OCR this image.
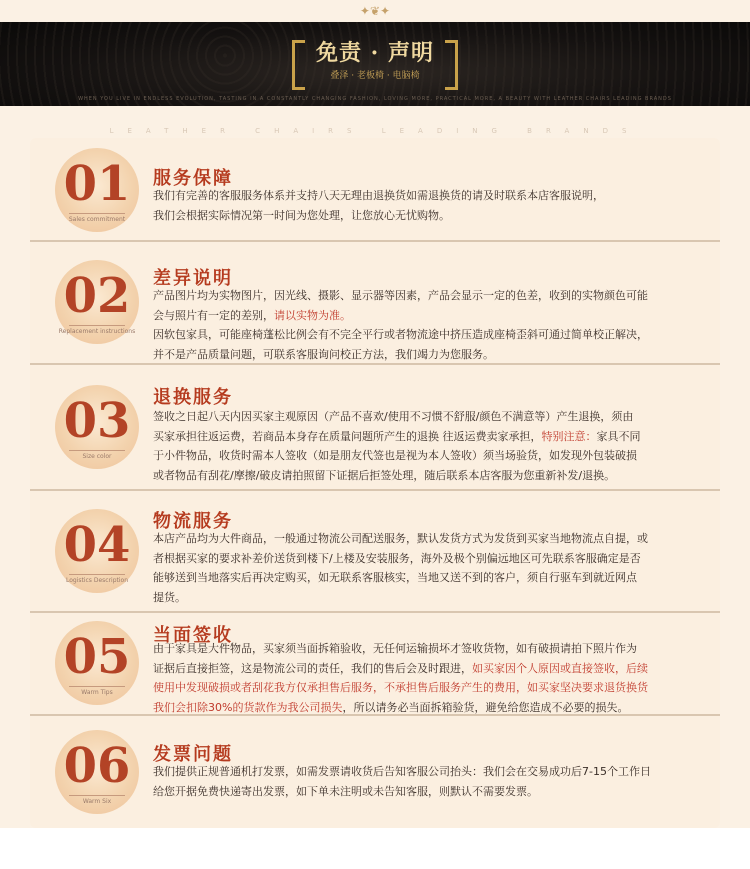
✦❦✦
免责 · 声明
叠泽 · 老板椅 · 电脑椅
WHEN YOU LIVE IN ENDLESS EVOLUTION, TASTING IN A CONSTANTLY CHANGING FASHION, LOVING MORE, PRACTICAL MORE, A BEAUTY WITH LEATHER CHAIRS LEADING BRANDS
LEATHER CHAIRS LEADING BRANDS
01
Sales commitment
服务保障

我们有完善的客服服务体系并支持八天无理由退换货如需退换货的请及时联系本店客服说明，

我们会根据实际情况第一时间为您处理，让您放心无忧购物。

02
Replacement instructions
差异说明

产品图片均为实物图片，因光线、摄影、显示器等因素，产品会显示一定的色差，收到的实物颜色可能

会与照片有一定的差别，请以实物为准。

因软包家具，可能座椅蓬松比例会有不完全平行或者物流途中挤压造成座椅歪斜可通过简单校正解决，

并不是产品质量问题，可联系客服询问校正方法，我们竭力为您服务。

03
Size color
退换服务

签收之日起八天内因买家主观原因（产品不喜欢/使用不习惯不舒服/颜色不满意等）产生退换，须由

买家承担往返运费，若商品本身存在质量问题所产生的退换 往返运费卖家承担，特别注意：家具不同

于小件物品，收货时需本人签收（如是朋友代签也是视为本人签收）须当场验货，如发现外包装破损

或者物品有刮花/摩擦/破皮请拍照留下证据后拒签处理，随后联系本店客服为您重新补发/退换。

04
Logistics Description
物流服务

本店产品均为大件商品，一般通过物流公司配送服务，默认发货方式为发货到买家当地物流点自提，或

者根据买家的要求补差价送货到楼下/上楼及安装服务，海外及极个别偏远地区可先联系客服确定是否

能够送到当地落实后再决定购买，如无联系客服核实，当地又送不到的客户，须自行驱车到就近网点

提货。

05
Warm Tips
当面签收

由于家具是大件物品，买家须当面拆箱验收，无任何运输损坏才签收货物，如有破损请拍下照片作为

证据后直接拒签，这是物流公司的责任，我们的售后会及时跟进，如买家因个人原因或直接签收，后续

使用中发现破损或者刮花我方仅承担售后服务，不承担售后服务产生的费用，如买家坚决要求退货换货

我们会扣除30%的货款作为我公司损失，所以请务必当面拆箱验货，避免给您造成不必要的损失。

06
Warm Six
发票问题

我们提供正规普通机打发票，如需发票请收货后告知客服公司抬头：我们会在交易成功后7-15个工作日

给您开据免费快递寄出发票，如下单未注明或未告知客服，则默认不需要发票。
